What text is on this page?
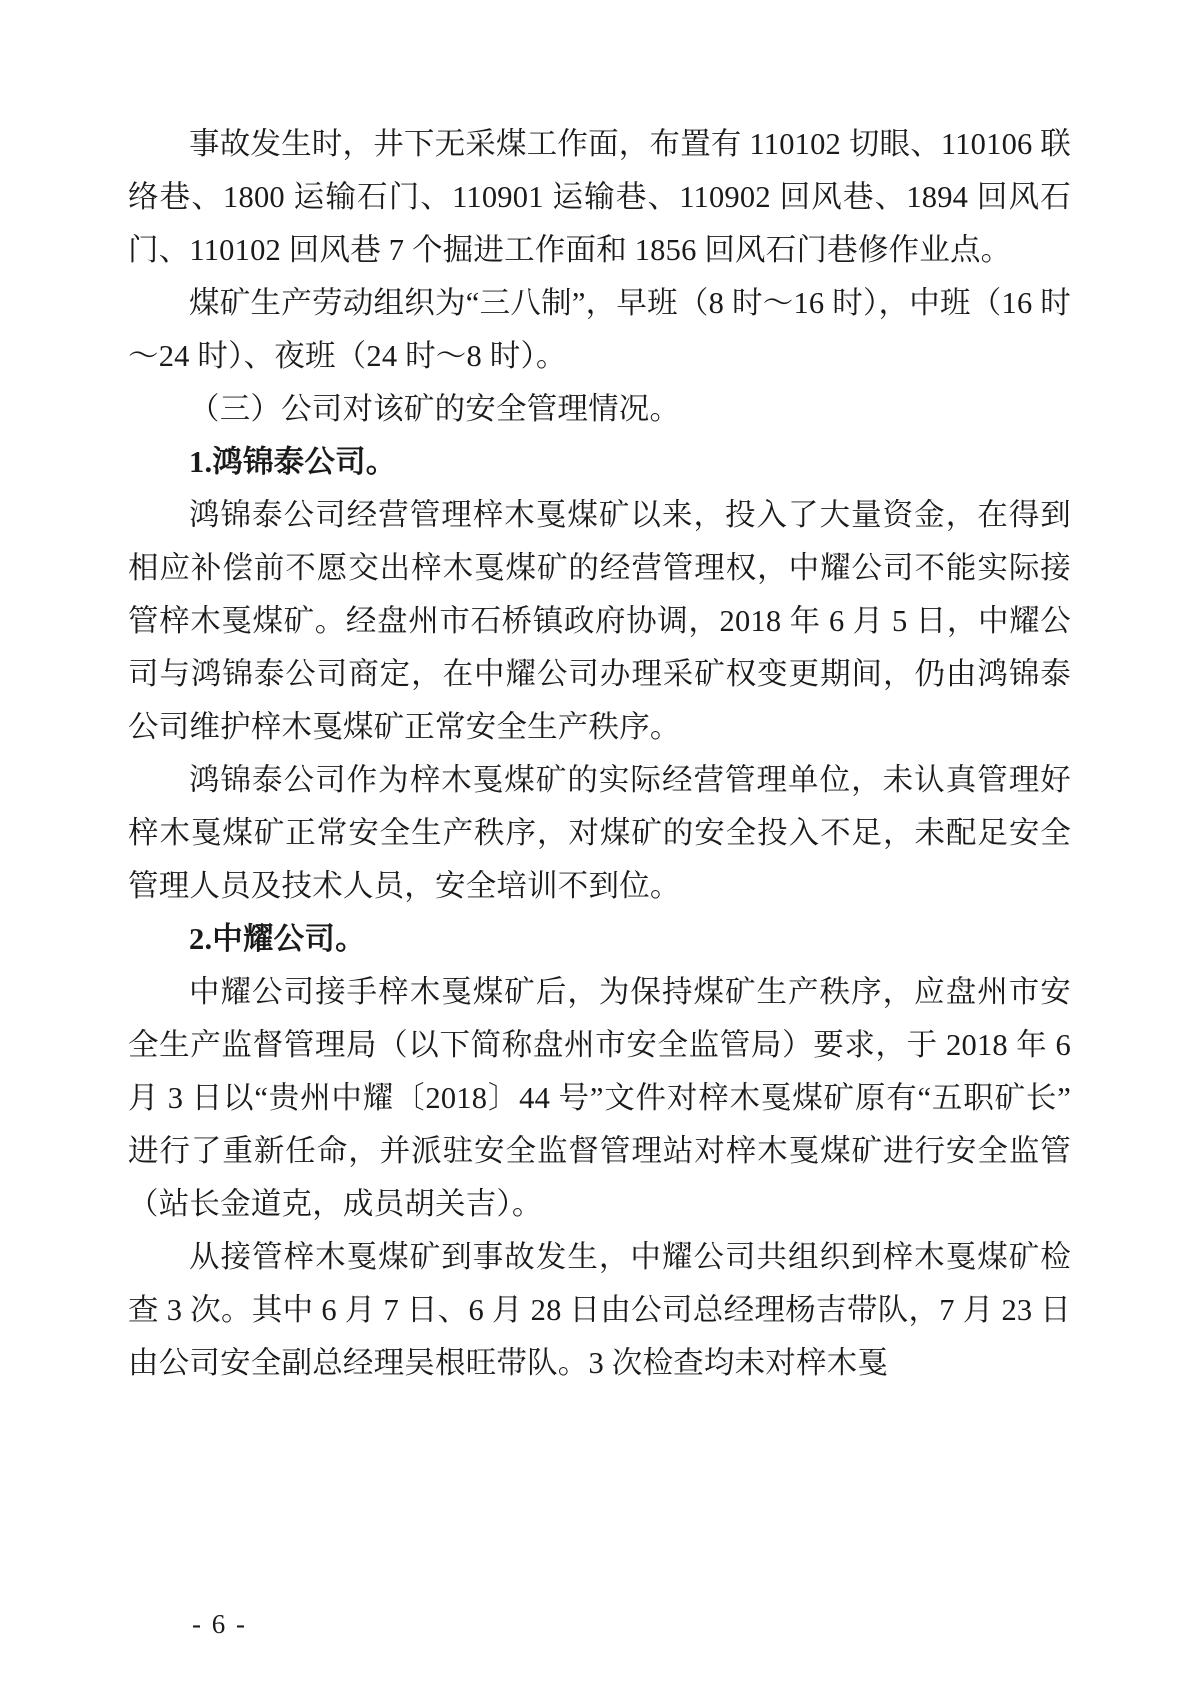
事故发生时，井下无采煤工作面，布置有 110102 切眼、110106 联络巷、1800 运输石门、110901 运输巷、110902 回风巷、1894 回风石门、110102 回风巷 7 个掘进工作面和 1856 回风石门巷修作业点。

煤矿生产劳动组织为“三八制”，早班（8 时～16 时），中班（16 时～24 时）、夜班（24 时～8 时）。

（三）公司对该矿的安全管理情况。

1.鸿锦泰公司。

鸿锦泰公司经营管理梓木戛煤矿以来，投入了大量资金，在得到相应补偿前不愿交出梓木戛煤矿的经营管理权，中耀公司不能实际接管梓木戛煤矿。经盘州市石桥镇政府协调，2018 年 6 月 5 日，中耀公司与鸿锦泰公司商定，在中耀公司办理采矿权变更期间，仍由鸿锦泰公司维护梓木戛煤矿正常安全生产秩序。

鸿锦泰公司作为梓木戛煤矿的实际经营管理单位，未认真管理好梓木戛煤矿正常安全生产秩序，对煤矿的安全投入不足，未配足安全管理人员及技术人员，安全培训不到位。

2.中耀公司。

中耀公司接手梓木戛煤矿后，为保持煤矿生产秩序，应盘州市安全生产监督管理局（以下简称盘州市安全监管局）要求，于 2018 年 6 月 3 日以“贵州中耀〔2018〕44 号”文件对梓木戛煤矿原有“五职矿长”进行了重新任命，并派驻安全监督管理站对梓木戛煤矿进行安全监管（站长金道克，成员胡关吉）。

从接管梓木戛煤矿到事故发生，中耀公司共组织到梓木戛煤矿检查 3 次。其中 6 月 7 日、6 月 28 日由公司总经理杨吉带队，7 月 23 日由公司安全副总经理吴根旺带队。3 次检查均未对梓木戛

- 6 -
